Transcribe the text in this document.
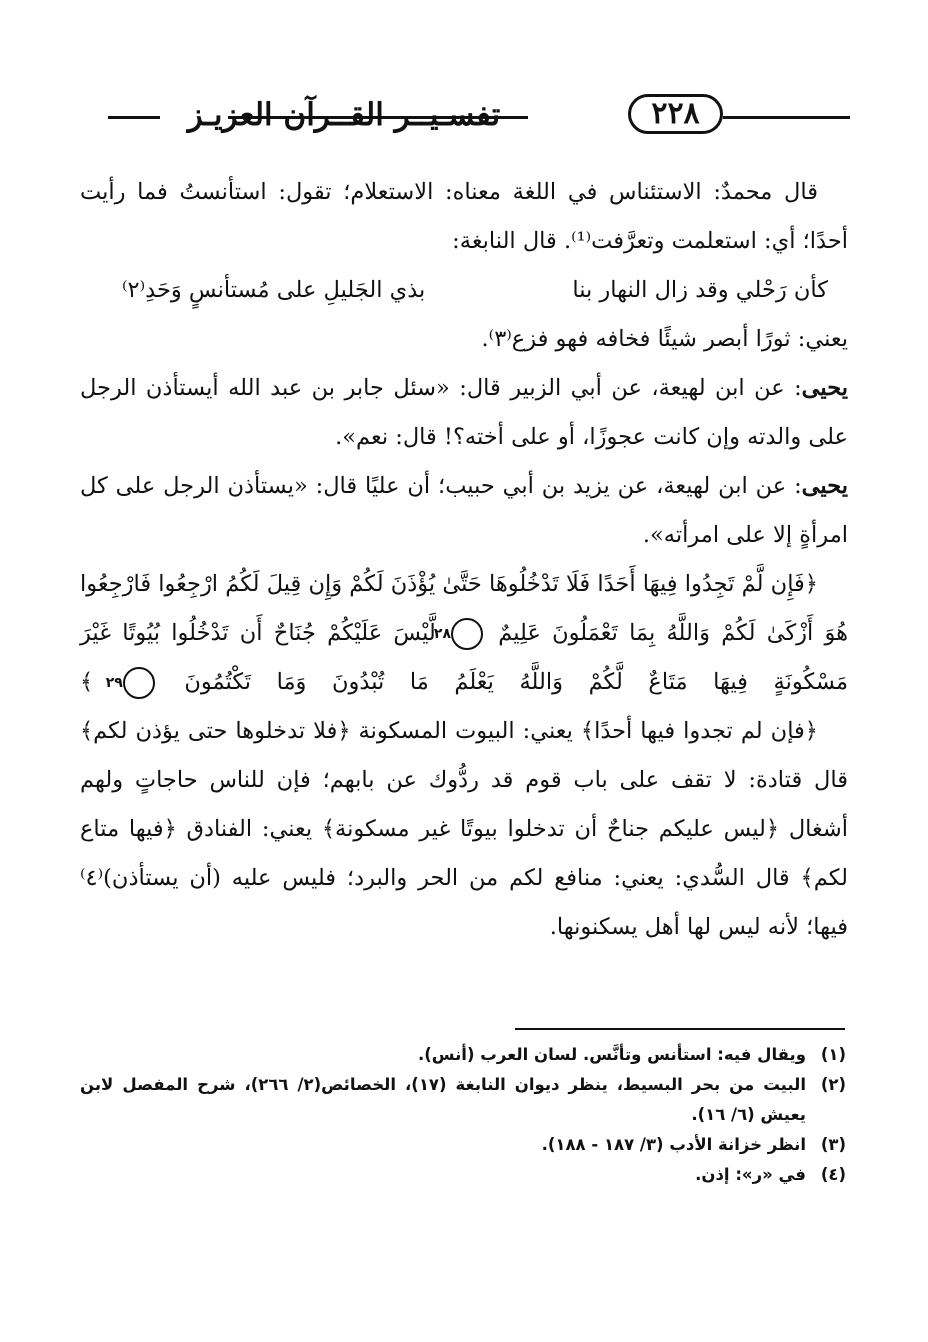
٢٢٨
تفسـيــر القــرآن العزيـز

قال محمدٌ: الاستئناس في اللغة معناه: الاستعلام؛ تقول: استأنستُ فما رأيت أحدًا؛ أي: استعلمت وتعرَّفت⁽¹⁾. قال النابغة:

كأن رَحْلي وقد زال النهار بنا
بذي الجَليلِ على مُستأنسٍ وَحَدِ⁽٢⁾

يعني: ثورًا أبصر شيئًا فخافه فهو فزع⁽٣⁾.

يحيى: عن ابن لهيعة، عن أبي الزبير قال: «سئل جابر بن عبد الله أيستأذن الرجل على والدته وإن كانت عجوزًا، أو على أخته؟! قال: نعم».

يحيى: عن ابن لهيعة، عن يزيد بن أبي حبيب؛ أن عليًا قال: «يستأذن الرجل على كل امرأةٍ إلا على امرأته».

﴿فَإِن لَّمْ تَجِدُوا فِيهَا أَحَدًا فَلَا تَدْخُلُوهَا حَتَّىٰ يُؤْذَنَ لَكُمْ وَإِن قِيلَ لَكُمُ ارْجِعُوا فَارْجِعُوا هُوَ أَزْكَىٰ لَكُمْ وَاللَّهُ بِمَا تَعْمَلُونَ عَلِيمٌ ٢٨ لَّيْسَ عَلَيْكُمْ جُنَاحٌ أَن تَدْخُلُوا بُيُوتًا غَيْرَ مَسْكُونَةٍ فِيهَا مَتَاعٌ لَّكُمْ وَاللَّهُ يَعْلَمُ مَا تُبْدُونَ وَمَا تَكْتُمُونَ ٢٩ ﴾

﴿فإن لم تجدوا فيها أحدًا﴾ يعني: البيوت المسكونة ﴿فلا تدخلوها حتى يؤذن لكم﴾ قال قتادة: لا تقف على باب قوم قد ردُّوك عن بابهم؛ فإن للناس حاجاتٍ ولهم أشغال ﴿ليس عليكم جناحٌ أن تدخلوا بيوتًا غير مسكونة﴾ يعني: الفنادق ﴿فيها متاع لكم﴾ قال السُّدي: يعني: منافع لكم من الحر والبرد؛ فليس عليه (أن يستأذن)⁽٤⁾ فيها؛ لأنه ليس لها أهل يسكنونها.

(١)
ويقال فيه: استأنس وتأنَّس. لسان العرب (أنس).
(٢)
البيت من بحر البسيط، ينظر ديوان النابغة (١٧)، الخصائص(٢/ ٢٦٦)، شرح المفصل لابن يعيش (٦/ ١٦).
(٣)
انظر خزانة الأدب (٣/ ١٨٧ - ١٨٨).
(٤)
في «ر»: إذن.
